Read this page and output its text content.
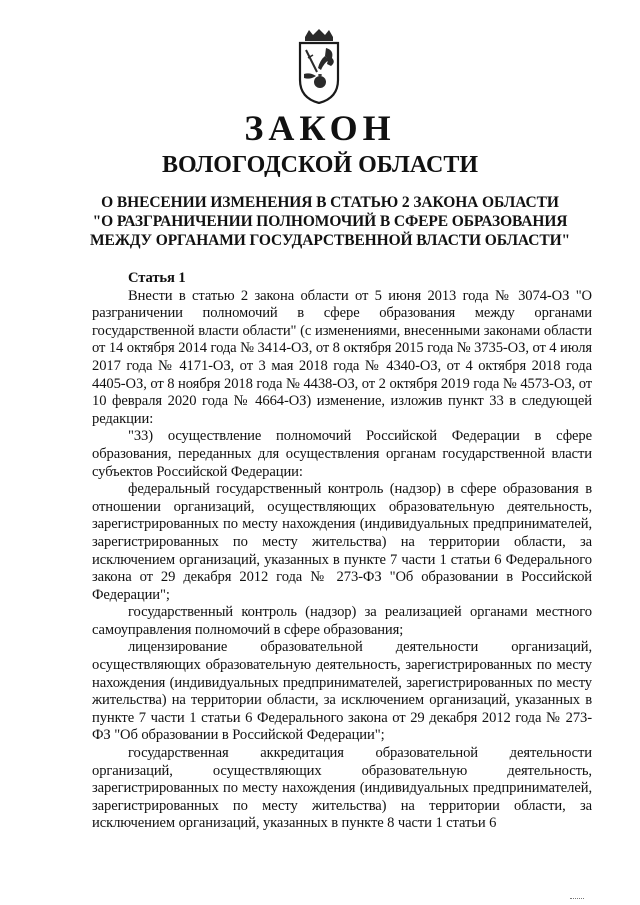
ЗАКОН
ВОЛОГОДСКОЙ ОБЛАСТИ
О ВНЕСЕНИИ ИЗМЕНЕНИЯ В СТАТЬЮ 2 ЗАКОНА ОБЛАСТИ
"О РАЗГРАНИЧЕНИИ ПОЛНОМОЧИЙ В СФЕРЕ ОБРАЗОВАНИЯ
МЕЖДУ ОРГАНАМИ ГОСУДАРСТВЕННОЙ ВЛАСТИ ОБЛАСТИ"

Статья 1

Внести в статью 2 закона области от 5 июня 2013 года № 3074-ОЗ "О разграничении полномочий в сфере образования между органами государственной власти области" (с изменениями, внесенными законами области от 14 октября 2014 года № 3414-ОЗ, от 8 октября 2015 года № 3735-ОЗ, от 4 июля 2017 года № 4171-ОЗ, от 3 мая 2018 года № 4340-ОЗ, от 4 октября 2018 года 4405-ОЗ, от 8 ноября 2018 года № 4438-ОЗ, от 2 октября 2019 года № 4573-ОЗ, от 10 февраля 2020 года № 4664-ОЗ) изменение, изложив пункт 33 в следующей редакции:

"33) осуществление полномочий Российской Федерации в сфере образования, переданных для осуществления органам государственной власти субъектов Российской Федерации:

федеральный государственный контроль (надзор) в сфере образования в отношении организаций, осуществляющих образовательную деятельность, зарегистрированных по месту нахождения (индивидуальных предпринимателей, зарегистрированных по месту жительства) на территории области, за исключением организаций, указанных в пункте 7 части 1 статьи 6 Федерального закона от 29 декабря 2012 года № 273-ФЗ "Об образовании в Российской Федерации";

государственный контроль (надзор) за реализацией органами местного самоуправления полномочий в сфере образования;

лицензирование образовательной деятельности организаций, осуществляющих образовательную деятельность, зарегистрированных по месту нахождения (индивидуальных предпринимателей, зарегистрированных по месту жительства) на территории области, за исключением организаций, указанных в пункте 7 части 1 статьи 6 Федерального закона от 29 декабря 2012 года № 273-ФЗ "Об образовании в Российской Федерации";

государственная аккредитация образовательной деятельности организаций, осуществляющих образовательную деятельность, зарегистрированных по месту нахождения (индивидуальных предпринимателей, зарегистрированных по месту жительства) на территории области, за исключением организаций, указанных в пункте 8 части 1 статьи 6
